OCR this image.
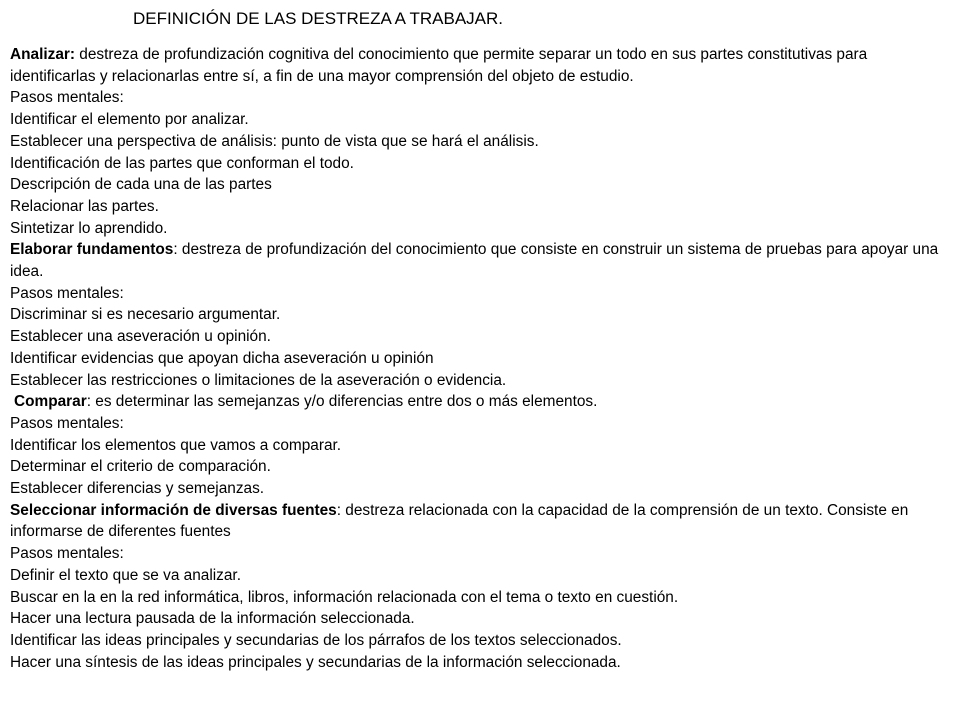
DEFINICIÓN DE LAS DESTREZA A TRABAJAR.
Analizar: destreza de profundización cognitiva del conocimiento que permite separar un todo en sus partes constitutivas para identificarlas y relacionarlas entre sí, a fin de una mayor comprensión del objeto de estudio.
Pasos mentales:
Identificar el elemento por analizar.
Establecer una perspectiva de análisis: punto de vista que se hará el análisis.
Identificación de las partes que conforman el todo.
Descripción de cada una de las partes
Relacionar las partes.
Sintetizar lo aprendido.
Elaborar fundamentos: destreza de profundización del conocimiento que consiste en construir un sistema de pruebas para apoyar una idea.
Pasos mentales:
Discriminar si es necesario argumentar.
Establecer una aseveración u opinión.
Identificar evidencias que apoyan dicha aseveración u opinión
Establecer las restricciones o limitaciones de la aseveración o evidencia.
Comparar: es determinar las semejanzas y/o diferencias entre dos o más elementos.
Pasos mentales:
Identificar los elementos que vamos a comparar.
Determinar el criterio de comparación.
Establecer diferencias y semejanzas.
Seleccionar información de diversas fuentes: destreza relacionada con la capacidad de la comprensión de un texto. Consiste en informarse de diferentes fuentes
Pasos mentales:
Definir el texto que se va analizar.
Buscar en la en la red informática, libros, información relacionada con el tema o texto en cuestión.
Hacer una lectura pausada de la información seleccionada.
Identificar las ideas principales y secundarias de los párrafos de los textos seleccionados.
Hacer una síntesis de las ideas principales y secundarias de la información seleccionada.
